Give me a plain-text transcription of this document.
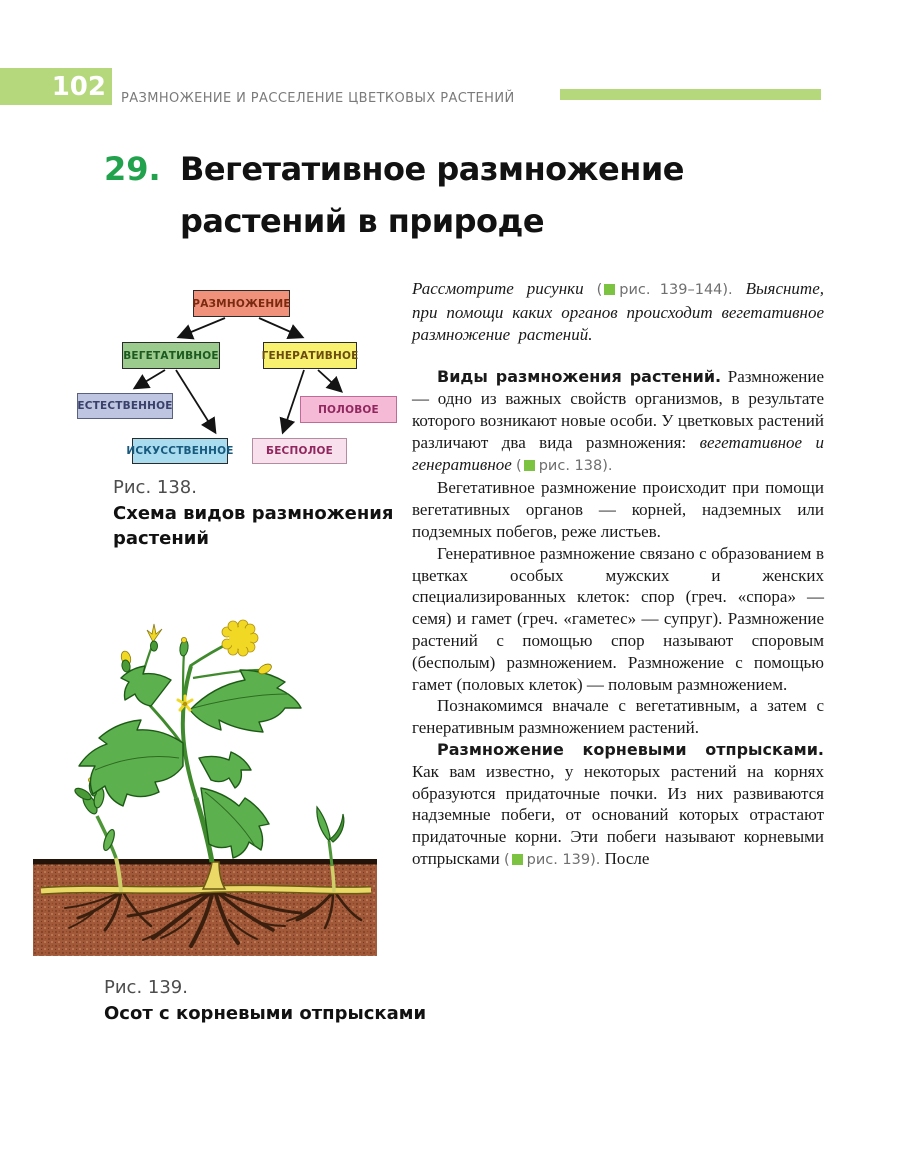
102 РАЗМНОЖЕНИЕ И РАССЕЛЕНИЕ ЦВЕТКОВЫХ РАСТЕНИЙ
29. Вегетативное размножение
растений в природе
РАЗМНОЖЕНИЕ
ВЕГЕТАТИВНОЕ	ГЕНЕРАТИВНОЕ
ЕСТЕСТВЕННОЕ	ПОЛОВОЕ
ИСКУССТВЕННОЕ	БЕСПОЛОЕ
Рис. 138.
Схема видов размножения растений
Рис. 139.
Осот с корневыми отпрысками

Рассмотрите рисунки ( рис. 139–144). Выясните, при помощи каких органов происходит вегетативное размножение растений.

Виды размножения растений. Размножение — одно из важных свойств организмов, в результате которого возникают новые особи. У цветковых растений различают два вида размножения: вегетативное и генеративное ( рис. 138).

Вегетативное размножение происходит при помощи вегетативных органов — корней, надземных или подземных побегов, реже листьев.

Генеративное размножение связано с образованием в цветках особых мужских и женских специализированных клеток: спор (греч. «спора» — семя) и гамет (греч. «гаметес» — супруг). Размножение растений с помощью спор называют споровым (бесполым) размножением. Размножение с помощью гамет (половых клеток) — половым размножением.

Познакомимся вначале с вегетативным, а затем с генеративным размножением растений.

Размножение корневыми отпрысками. Как вам известно, у некоторых растений на корнях образуются придаточные почки. Из них развиваются надземные побеги, от оснований которых отрастают придаточные корни. Эти побеги называют корневыми отпрысками ( рис. 139). После
